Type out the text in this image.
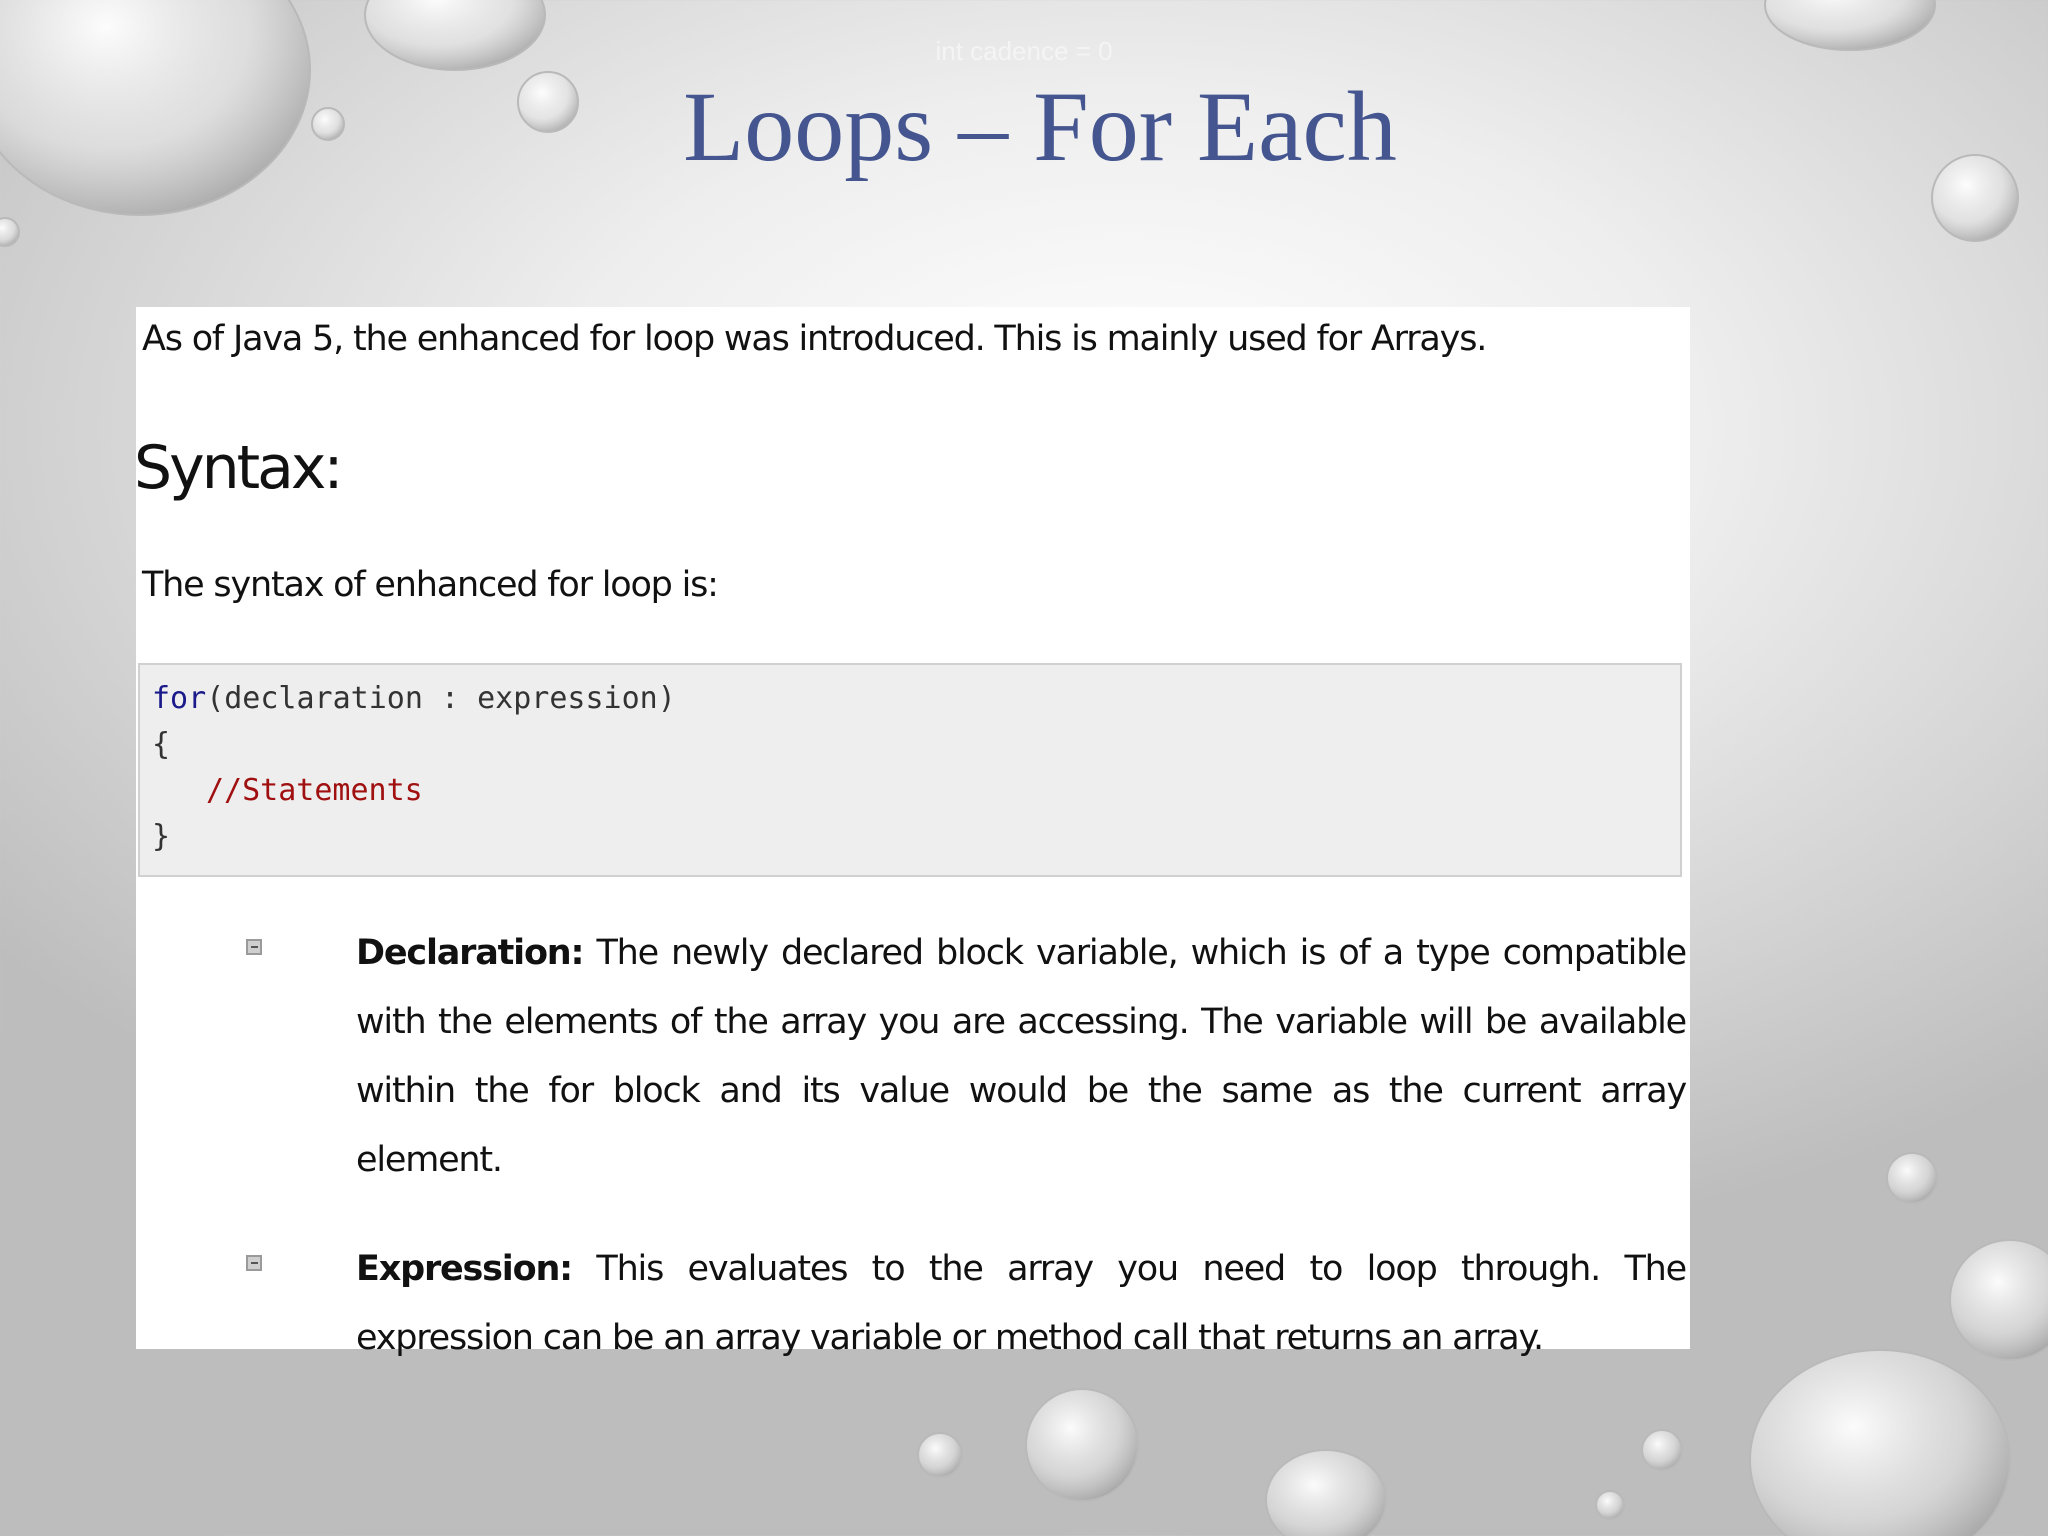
int cadence = 0
Loops – For Each

As of Java 5, the enhanced for loop was introduced. This is mainly used for Arrays.

Syntax:

The syntax of enhanced for loop is:

for(declaration : expression)
{
//Statements
}

Declaration: The newly declared block variable, which is of a type compatible with the elements of the array you are accessing. The variable will be available within the for block and its value would be the same as the current array element.

Expression: This evaluates to the array you need to loop through. The expression can be an array variable or method call that returns an array.
